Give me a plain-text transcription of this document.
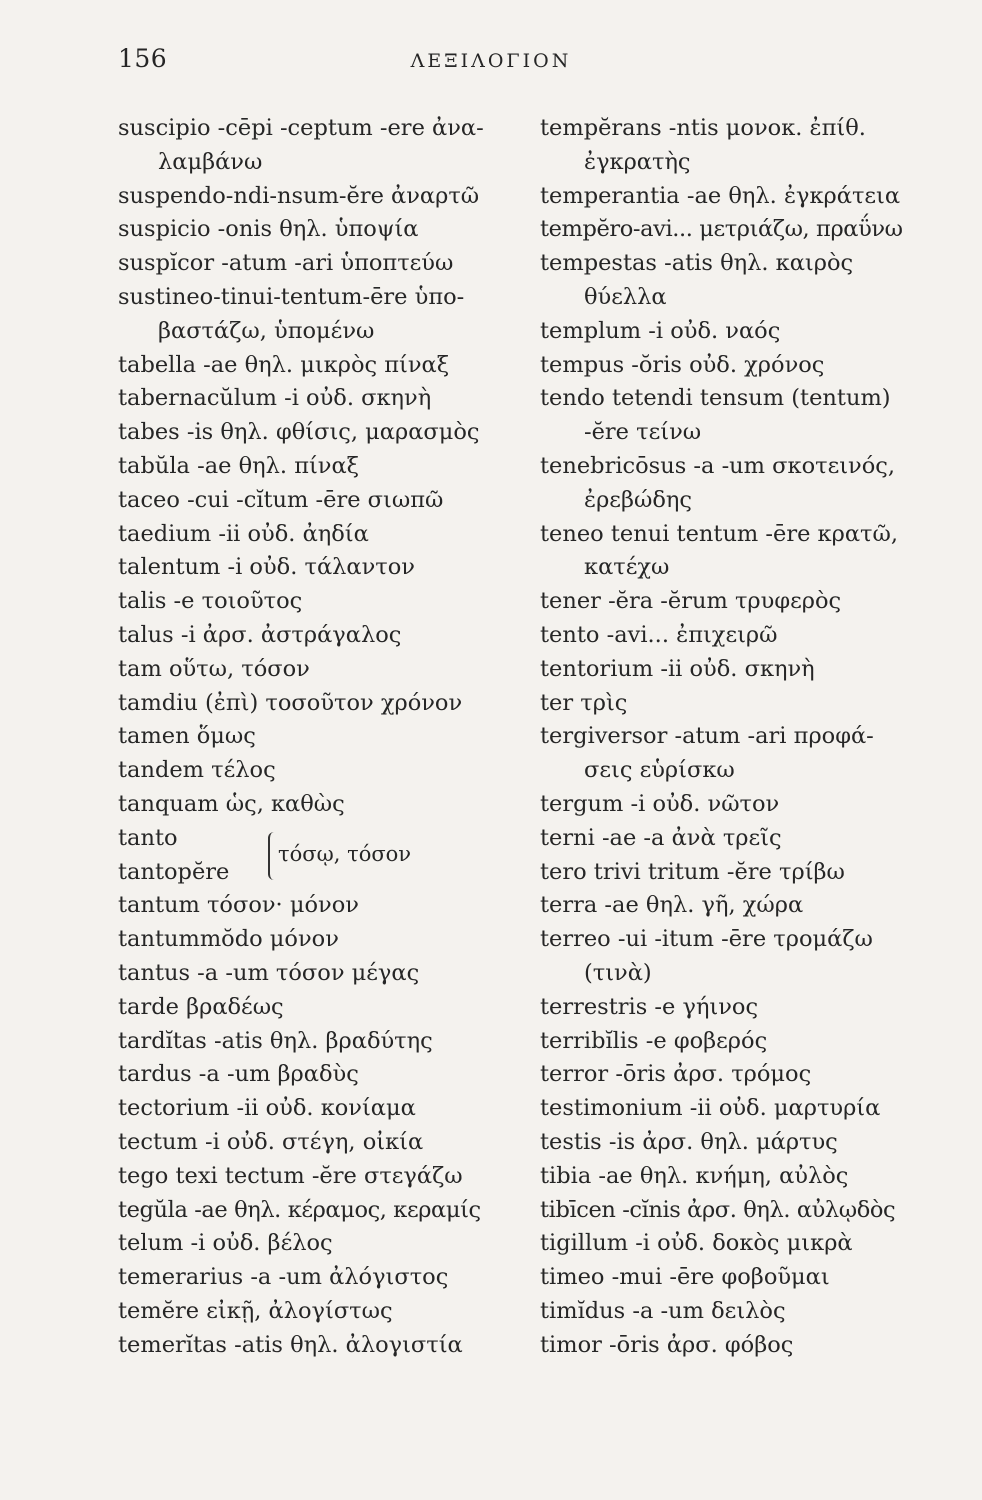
156	ΛΕΞΙΛΟΓΙΟΝ
suscipio -cēpi -ceptum -ere ἀνα-
λαμβάνω
suspendo-ndi-nsum-ĕre ἀναρτῶ
suspicio -onis θηλ. ὑποψία
suspĭcor -atum -ari ὑποπτεύω
sustineo-tinui-tentum-ēre ὑπο-
βαστάζω, ὑπομένω
tabella -ae θηλ. μικρὸς πίναξ
tabernacŭlum -i οὐδ. σκηνὴ
tabes -is θηλ. φθίσις, μαρασμὸς
tabŭla -ae θηλ. πίναξ
taceo -cui -cĭtum -ēre σιωπῶ
taedium -ii οὐδ. ἀηδία
talentum -i οὐδ. τάλαντον
talis -e τοιοῦτος
talus -i ἀρσ. ἀστράγαλος
tam οὕτω, τόσον
tamdiu (ἐπὶ) τοσοῦτον χρόνον
tamen ὅμως
tandem τέλος
tanquam ὡς, καθὼς
tanto
tantopĕre
τόσῳ, τόσον
tantum τόσον· μόνον
tantummŏdo μόνον
tantus -a -um τόσον μέγας
tarde βραδέως
tardĭtas -atis θηλ. βραδύτης
tardus -a -um βραδὺς
tectorium -ii οὐδ. κονίαμα
tectum -i οὐδ. στέγη, οἰκία
tego texi tectum -ĕre στεγάζω
tegŭla -ae θηλ. κέραμος, κεραμίς
telum -i οὐδ. βέλος
temerarius -a -um ἀλόγιστος
temĕre εἰκῇ, ἀλογίστως
temerĭtas -atis θηλ. ἀλογιστία
tempĕrans -ntis μονοκ. ἐπίθ.
ἐγκρατὴς
temperantia -ae θηλ. ἐγκράτεια
tempĕro-avi... μετριάζω, πραΰνω
tempestas -atis θηλ. καιρὸς
θύελλα
templum -i οὐδ. ναός
tempus -ŏris οὐδ. χρόνος
tendo tetendi tensum (tentum)
-ĕre τείνω
tenebricōsus -a -um σκοτεινός,
ἐρεβώδης
teneo tenui tentum -ēre κρατῶ,
κατέχω
tener -ĕra -ĕrum τρυφερὸς
tento -avi... ἐπιχειρῶ
tentorium -ii οὐδ. σκηνὴ
ter τρὶς
tergiversor -atum -ari προφά-
σεις εὑρίσκω
tergum -i οὐδ. νῶτον
terni -ae -a ἀνὰ τρεῖς
tero trivi tritum -ĕre τρίβω
terra -ae θηλ. γῆ, χώρα
terreo -ui -itum -ēre τρομάζω
(τινὰ)
terrestris -e γήινος
terribĭlis -e φοβερός
terror -ōris ἀρσ. τρόμος
testimonium -ii οὐδ. μαρτυρία
testis -is ἀρσ. θηλ. μάρτυς
tibia -ae θηλ. κνήμη, αὐλὸς
tibīcen -cĭnis ἀρσ. θηλ. αὐλῳδὸς
tigillum -i οὐδ. δοκὸς μικρὰ
timeo -mui -ēre φοβοῦμαι
timĭdus -a -um δειλὸς
timor -ōris ἀρσ. φόβος
